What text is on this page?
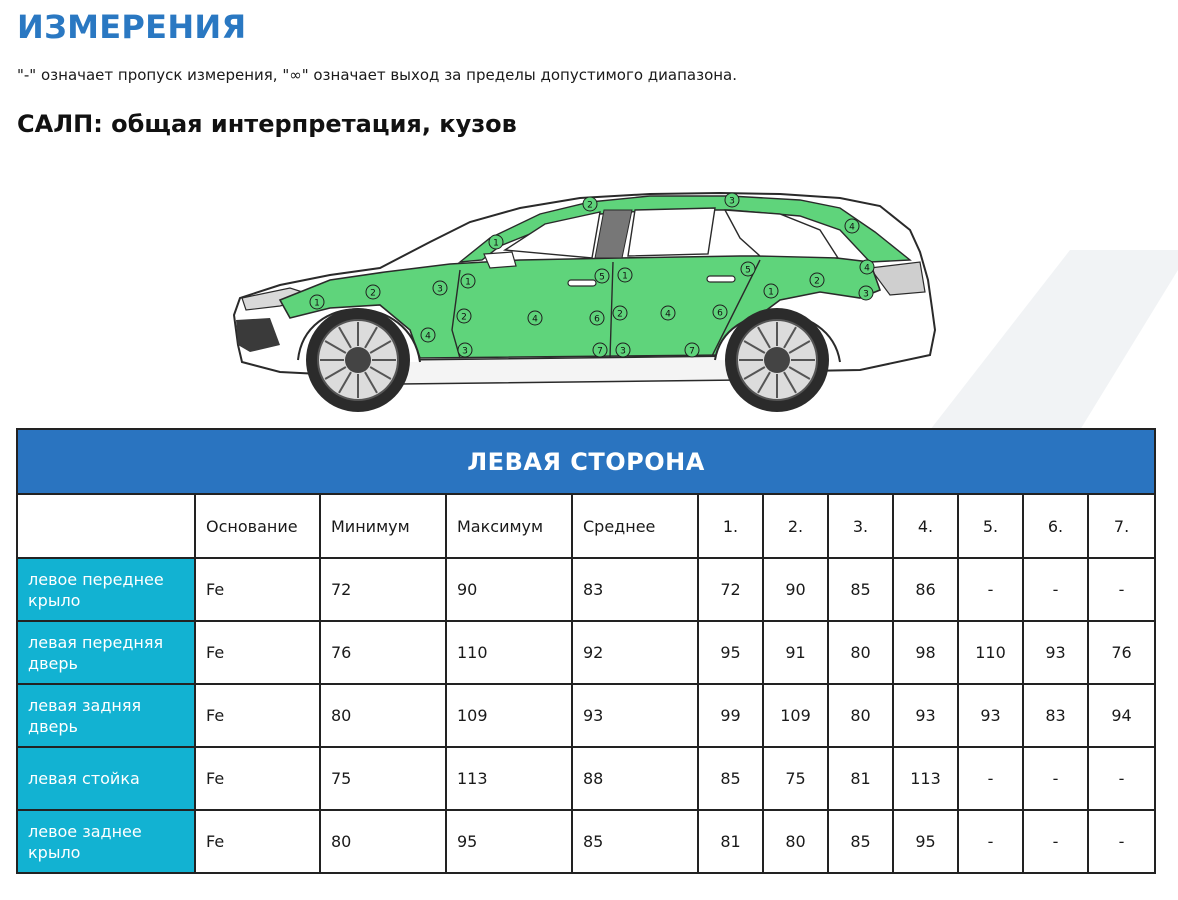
ИЗМЕРЕНИЯ
"-" означает пропуск измерения, "∞" означает выход за пределы допустимого диапазона.
САЛП: общая интерпретация, кузов
1
2	3
4
1
2	3
4
1
2
3
4
5
6
7
1
2
3
4
5
6
7
1
2
3
4
ЛЕВАЯ СТОРОНА											
	Основание	Минимум	Максимум	Среднее	1.	2.	3.	4.	5.	6.	7.
левое переднее крыло	Fe	72	90	83	72	90	85	86	-	-	-
левая передняя дверь	Fe	76	110	92	95	91	80	98	110	93	76
левая задняя дверь	Fe	80	109	93	99	109	80	93	93	83	94
левая стойка	Fe	75	113	88	85	75	81	113	-	-	-
левое заднее крыло	Fe	80	95	85	81	80	85	95	-	-	-
